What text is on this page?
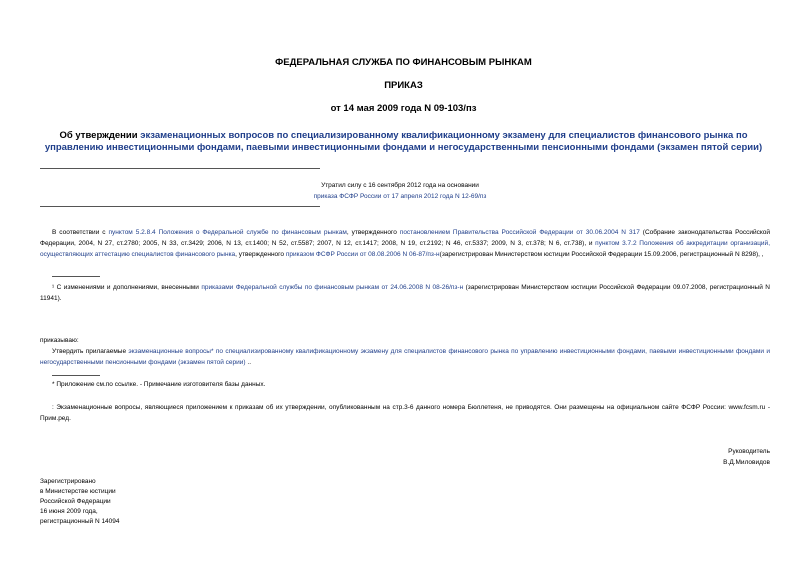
ФЕДЕРАЛЬНАЯ СЛУЖБА ПО ФИНАНСОВЫМ РЫНКАМ
ПРИКАЗ
от 14 мая 2009 года N 09-103/пз
Об утверждении экзаменационных вопросов по специализированному квалификационному экзамену для специалистов финансового рынка по управлению инвестиционными фондами, паевыми инвестиционными фондами и негосударственными пенсионными фондами (экзамен пятой серии)
Утратил силу с 16 сентября 2012 года на основании
приказа ФСФР России от 17 апреля 2012 года N 12-69/пз
В соответствии с пунктом 5.2.8.4 Положения о Федеральной службе по финансовым рынкам, утвержденного постановлением Правительства Российской Федерации от 30.06.2004 N 317 (Собрание законодательства Российской Федерации, 2004, N 27, ст.2780; 2005, N 33, ст.3429; 2006, N 13, ст.1400; N 52, ст.5587; 2007, N 12, ст.1417; 2008, N 19, ст.2192; N 46, ст.5337; 2009, N 3, ст.378; N 6, ст.738), и пунктом 3.7.2 Положения об аккредитации организаций, осуществляющих аттестацию специалистов финансового рынка, утвержденного приказом ФСФР России от 08.08.2006 N 06-87/пз-н(зарегистрирован Министерством юстиции Российской Федерации 15.09.2006, регистрационный N 8298), ,
¹ С изменениями и дополнениями, внесенными приказами Федеральной службы по финансовым рынкам от 24.06.2008 N 08-26/пз-н (зарегистрирован Министерством юстиции Российской Федерации 09.07.2008, регистрационный N 11941).
приказываю:
Утвердить прилагаемые экзаменационные вопросы* по специализированному квалификационному экзамену для специалистов финансового рынка по управлению инвестиционными фондами, паевыми инвестиционными фондами и негосударственными пенсионными фондами (экзамен пятой серии) ..
* Приложение см.по ссылке. - Примечание изготовителя базы данных.
: Экзаменационные вопросы, являющиеся приложением к приказам об их утверждении, опубликованным на стр.3-6 данного номера Бюллетеня, не приводятся. Они размещены на официальном сайте ФСФР России: www.fcsm.ru - Прим.ред.
Руководитель
В.Д.Миловидов
Зарегистрировано
в Министерстве юстиции
Российской Федерации
16 июня 2009 года,
регистрационный N 14094
